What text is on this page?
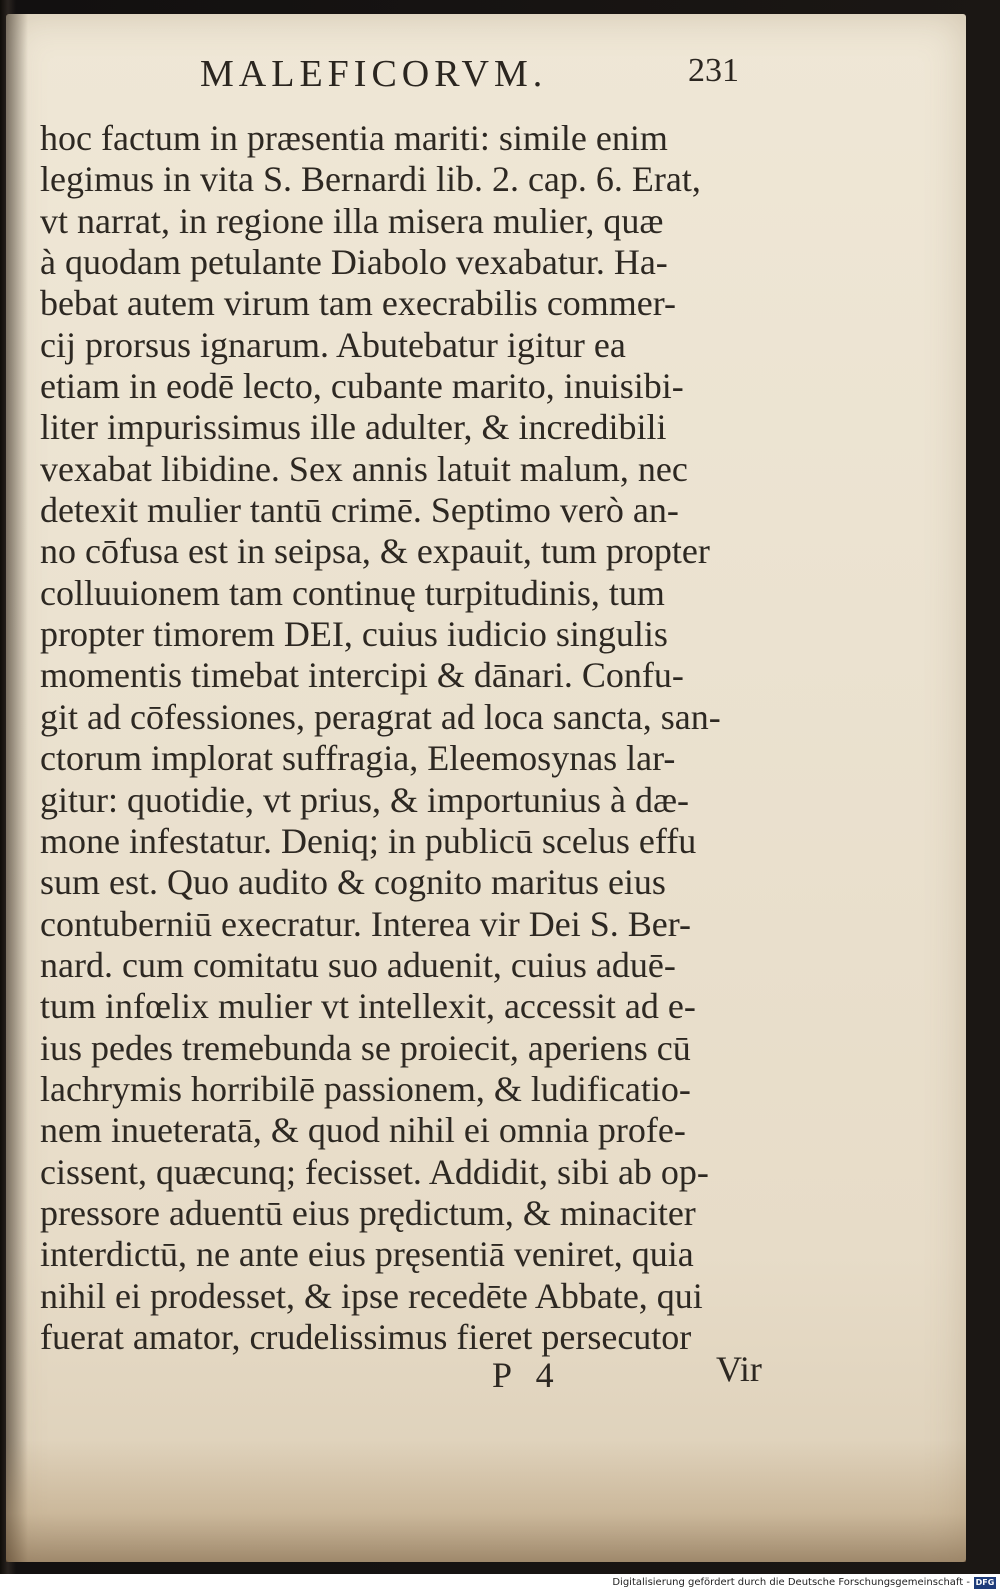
MALEFICORVM.	231
hoc factum in præsentia mariti: simile enim
legimus in vita S. Bernardi lib. 2. cap. 6. Erat,
vt narrat, in regione illa misera mulier, quæ
à quodam petulante Diabolo vexabatur. Ha-
bebat autem virum tam execrabilis commer-
cij prorsus ignarum. Abutebatur igitur ea
etiam in eodē lecto, cubante marito, inuisibi-
liter impurissimus ille adulter, & incredibili
vexabat libidine. Sex annis latuit malum, nec
detexit mulier tantū crimē. Septimo verò an-
no cōfusa est in seipsa, & expauit, tum propter
colluuionem tam continuę turpitudinis, tum
propter timorem DEI, cuius iudicio singulis
momentis timebat intercipi & dānari. Confu-
git ad cōfessiones, peragrat ad loca sancta, san-
ctorum implorat suffragia, Eleemosynas lar-
gitur: quotidie, vt prius, & importunius à dæ-
mone infestatur. Deniq; in publicū scelus effu
sum est. Quo audito & cognito maritus eius
contuberniū execratur. Interea vir Dei S. Ber-
nard. cum comitatu suo aduenit, cuius aduē-
tum infœlix mulier vt intellexit, accessit ad e-
ius pedes tremebunda se proiecit, aperiens cū
lachrymis horribilē passionem, & ludificatio-
nem inueteratā, & quod nihil ei omnia profe-
cissent, quæcunq; fecisset. Addidit, sibi ab op-
pressore aduentū eius prędictum, & minaciter
interdictū, ne ante eius pręsentiā veniret, quia
nihil ei prodesset, & ipse recedēte Abbate, qui
fuerat amator, crudelissimus fieret persecutor
P 4	Vir
Digitalisierung gefördert durch die Deutsche Forschungsgemeinschaft - DFG
